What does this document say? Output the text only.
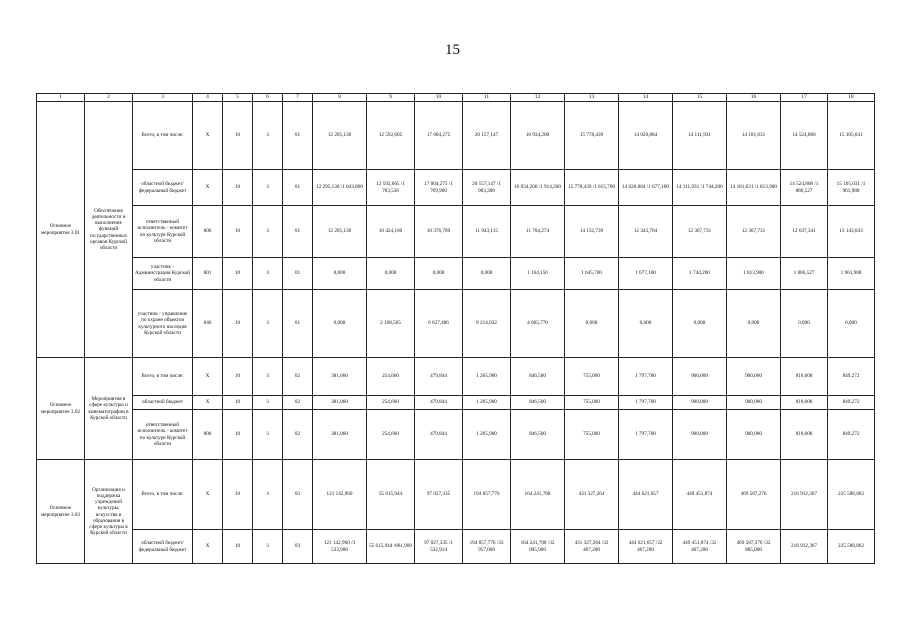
15
1	2	3	4	5	6	7	8	9	10	11	12	13	14	15	16	17	18
Основное мероприятие 3.01	Обеспечение деятельности и выполнение функций государственных органов Курской области	Всего, в том числе:	Х	10	3	01	12 295,130	12 592,605	17 004,275	20 157,147	16 934,200	15 778,439	14 020,884	14 111,931	14 181,631	14 524,868	15 105,031
		областной бюджет/ федеральный бюджет	Х	10	3	01	12 295,130 /1 043,800	12 592,665 /1 783,536	17 004,275 /1 769,900	20 157,147 /1 903,300	16 934,200 /1 914,200	15 778,439 /1 615,700	14 020,884 /1 677,100	14 111,931 /1 744,200	14 181,631 /1 813,900	14 524,868 /1 886,527	15 105,031 /1 961,988
		ответственный исполнитель - комитет по культуре Курской области	806	10	3	01	12 295,130	10 424,100	10 376,789	11 943,115	11 704,274	14 132,739	12 343,704	12 367,731	12 367,731	12 637,341	13 143,043
		участник - Администрация Курской области	801	10	3	01	0,000	0,000	0,000	0,000	1 164,156	1 645,700	1 677,100	1 744,200	1 813,900	1 886,527	1 961,988
		участник - управление по охране объектов культурного наследия Курской области	846	10	3	01	0,000	2 168,565	6 627,486	8 214,032	4 065,770	0,000	0,000	0,000	0,000	0,000	0,000
Основное мероприятие 3.02	Мероприятия в сфере культуры и кинематографии в Курской области	Всего, в том числе:	Х	10	3	02	381,060	254,660	479,844	1 265,900	846,500	755,000	1 797,700	900,000	900,000	816,608	849,272
		областной бюджет	Х	10	3	02	381,060	254,660	479,844	1 265,900	846,500	755,000	1 797,700	900,000	900,000	816,608	849,272
		ответственный исполнитель - комитет по культуре Курской области	806	10	3	02	381,060	254,660	479,844	1 265,900	846,500	755,000	1 797,700	900,000	900,000	816,608	849,272
Основное мероприятие 3.03	Организация и поддержка учреждений культуры, искусства и образования в сфере культуры в Курской области	Всего, в том числе:	Х	10	3	03	121 142,960	55 615,944	97 027,335	194 857,776	164 241,708	431 327,264	444 621,657	449 451,874	469 587,276	216 912,367	225 588,862
		областной бюджет/ федеральный бюджет	Х	10	3	03	121 142,960 /3 533,900	55 615,944 /861,900	97 027,335 /1 532,914	194 857,776 /33 957,000	164 241,708 /32 095,900	431 327,264 /32 467,200	444 621,657 /32 467,200	449 451,874 /32 467,200	469 587,276 /32 885,000	216 912,367	225 588,862
